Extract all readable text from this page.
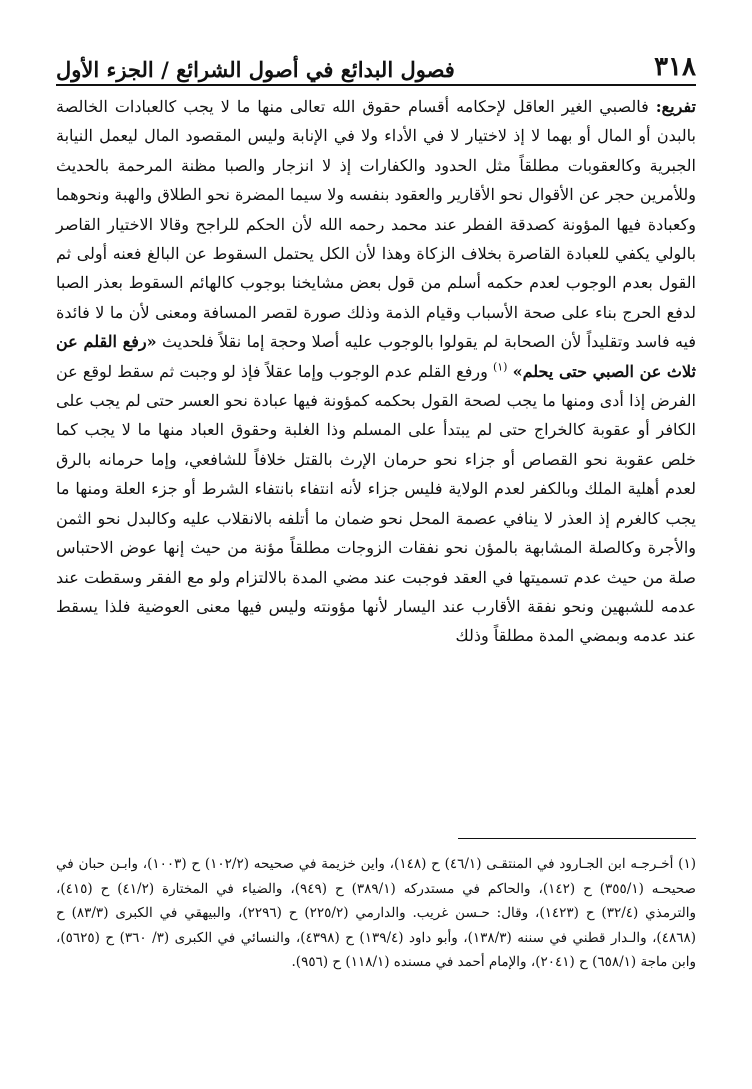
٣١٨
فصول البدائع في أصول الشرائع / الجزء الأول

تفريع: فالصبي الغير العاقل لإحكامه أقسام حقوق الله تعالى منها ما لا يجب كالعبادات الخالصة بالبدن أو المال أو بهما لا إذ لاختيار لا في الأداء ولا في الإنابة وليس المقصود المال ليعمل النيابة الجبرية وكالعقوبات مطلقاً مثل الحدود والكفارات إذ لا انزجار والصبا مظنة المرحمة بالحديث وللأمرين حجر عن الأقوال نحو الأقارير والعقود بنفسه ولا سيما المضرة نحو الطلاق والهبة ونحوهما وكعبادة فيها المؤونة كصدقة الفطر عند محمد رحمه الله لأن الحكم للراجح وقالا الاختيار القاصر بالولي يكفي للعبادة القاصرة بخلاف الزكاة وهذا لأن الكل يحتمل السقوط عن البالغ فعنه أولى ثم القول بعدم الوجوب لعدم حكمه أسلم من قول بعض مشايخنا بوجوب كالهائم السقوط بعذر الصبا لدفع الحرج بناء على صحة الأسباب وقيام الذمة وذلك صورة لقصر المسافة ومعنى لأن ما لا فائدة فيه فاسد وتقليداً لأن الصحابة لم يقولوا بالوجوب عليه أصلا وحجة إما نقلاً فلحديث «رفع القلم عن ثلاث عن الصبي حتى يحلم» $^{(١)}$ ورفع القلم عدم الوجوب وإما عقلاً فإذ لو وجبت ثم سقط لوقع عن الفرض إذا أدى ومنها ما يجب لصحة القول بحكمه كمؤونة فيها عبادة نحو العسر حتى لم يجب على الكافر أو عقوبة كالخراج حتى لم يبتدأ على المسلم وذا الغلبة وحقوق العباد منها ما لا يجب كما خلص عقوبة نحو القصاص أو جزاء نحو حرمان الإرث بالقتل خلافاً للشافعي، وإما حرمانه بالرق لعدم أهلية الملك وبالكفر لعدم الولاية فليس جزاء لأنه انتفاء بانتفاء الشرط أو جزء العلة ومنها ما يجب كالغرم إذ العذر لا ينافي عصمة المحل نحو ضمان ما أتلفه بالانقلاب عليه وكالبدل نحو الثمن والأجرة وكالصلة المشابهة بالمؤن نحو نفقات الزوجات مطلقاً مؤنة من حيث إنها عوض الاحتباس صلة من حيث عدم تسميتها في العقد فوجبت عند مضي المدة بالالتزام ولو مع الفقر وسقطت عند عدمه للشبهين ونحو نفقة الأقارب عند اليسار لأنها مؤونته وليس فيها معنى العوضية فلذا يسقط عند عدمه وبمضي المدة مطلقاً وذلك

(١) أخـرجـه ابن الجـارود في المنتقـى (٤٦/١) ح (١٤٨)، واين خزيمة في صحيحه (١٠٢/٢) ح (١٠٠٣)، وابـن حبان في صحيحـه (٣٥٥/١) ح (١٤٢)، والحاكم في مستدركه (٣٨٩/١) ح (٩٤٩)، والضياء في المختارة (٤١/٢) ح (٤١٥)، والترمذي (٣٢/٤) ح (١٤٢٣)، وقال: حـسن غريب. والدارمي (٢٢٥/٢) ح (٢٢٩٦)، والبيهقي في الكبرى (٨٣/٣) ح (٤٨٦٨)، والـدار قطني في سننه (١٣٨/٣)، وأبو داود (١٣٩/٤) ح (٤٣٩٨)، والنسائي في الكبرى (٣/ ٣٦٠) ح (٥٦٢٥)، وابن ماجة (٦٥٨/١) ح (٢٠٤١)، والإمام أحمد في مسنده (١١٨/١) ح (٩٥٦).
